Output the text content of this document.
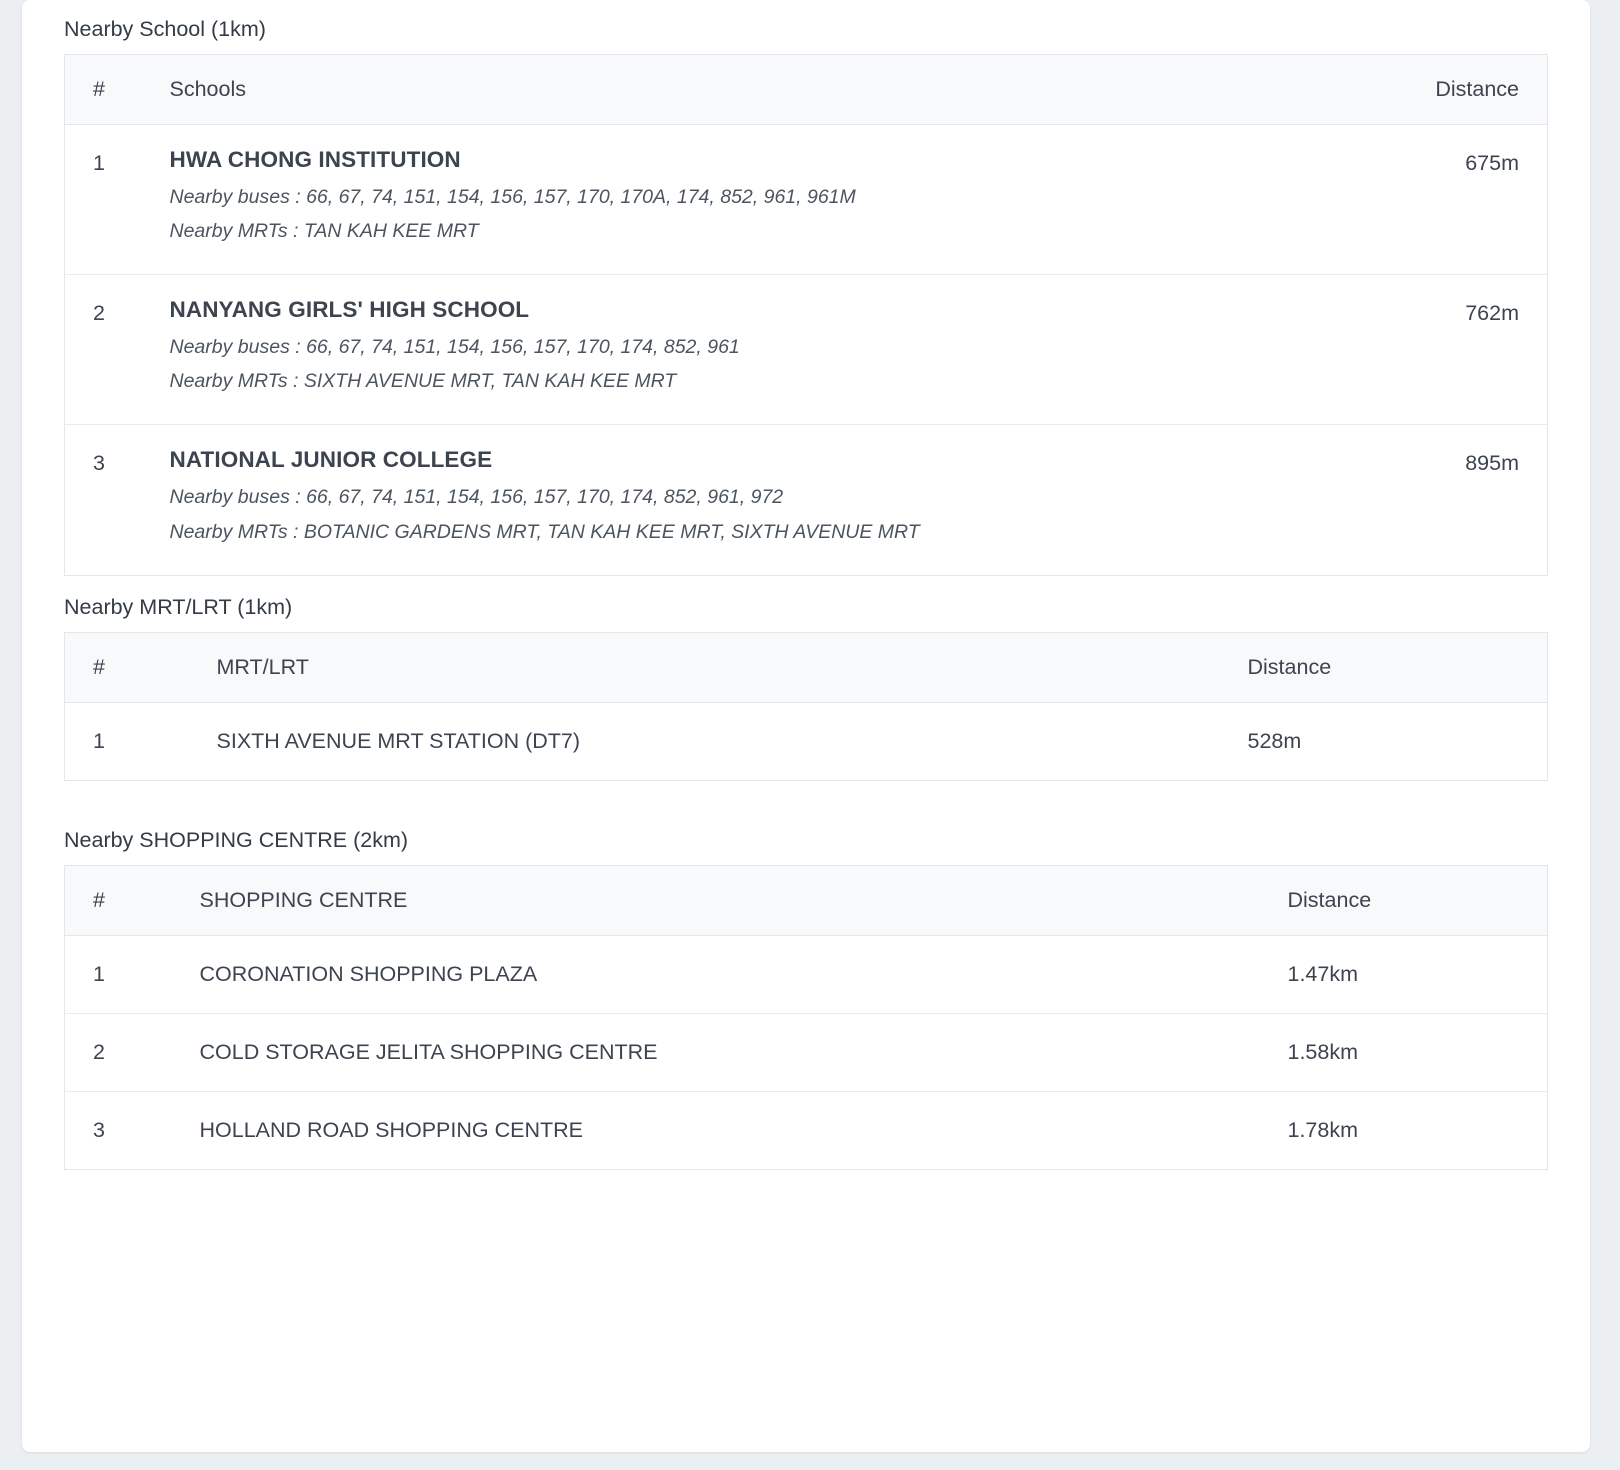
Nearby School (1km)
#	Schools	Distance
1	HWA CHONG INSTITUTION
Nearby buses : 66, 67, 74, 151, 154, 156, 157, 170, 170A, 174, 852, 961, 961M
Nearby MRTs : TAN KAH KEE MRT	675m
2	NANYANG GIRLS' HIGH SCHOOL
Nearby buses : 66, 67, 74, 151, 154, 156, 157, 170, 174, 852, 961
Nearby MRTs : SIXTH AVENUE MRT, TAN KAH KEE MRT	762m
3	NATIONAL JUNIOR COLLEGE
Nearby buses : 66, 67, 74, 151, 154, 156, 157, 170, 174, 852, 961, 972
Nearby MRTs : BOTANIC GARDENS MRT, TAN KAH KEE MRT, SIXTH AVENUE MRT	895m
Nearby MRT/LRT (1km)
#	MRT/LRT	Distance
1	SIXTH AVENUE MRT STATION (DT7)	528m
Nearby SHOPPING CENTRE (2km)
#	SHOPPING CENTRE	Distance
1	CORONATION SHOPPING PLAZA	1.47km
2	COLD STORAGE JELITA SHOPPING CENTRE	1.58km
3	HOLLAND ROAD SHOPPING CENTRE	1.78km
